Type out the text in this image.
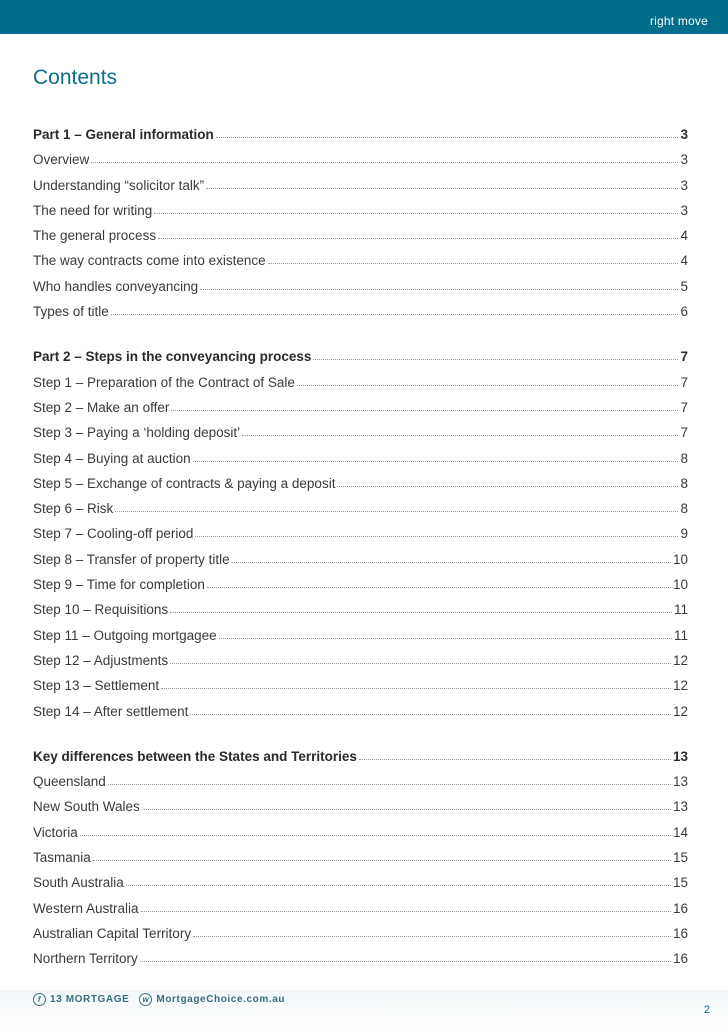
right move
Contents
Part 1 – General information	3
Overview	3
Understanding “solicitor talk”	3
The need for writing	3
The general process	4
The way contracts come into existence	4
Who handles conveyancing	5
Types of title	6
Part 2 – Steps in the conveyancing process	7
Step 1 – Preparation of the Contract of Sale	7
Step 2 – Make an offer	7
Step 3 – Paying a ‘holding deposit’	7
Step 4 – Buying at auction	8
Step 5 – Exchange of contracts & paying a deposit	8
Step 6 – Risk	8
Step 7 – Cooling-off period	9
Step 8 – Transfer of property title	10
Step 9 – Time for completion	10
Step 10 – Requisitions	11
Step 11 – Outgoing mortgagee	11
Step 12 – Adjustments	12
Step 13 – Settlement	12
Step 14 – After settlement	12
Key differences between the States and Territories	13
Queensland	13
New South Wales	13
Victoria	14
Tasmania	15
South Australia	15
Western Australia	16
Australian Capital Territory	16
Northern Territory	16
f 13 MORTGAGE	w MortgageChoice.com.au
2
